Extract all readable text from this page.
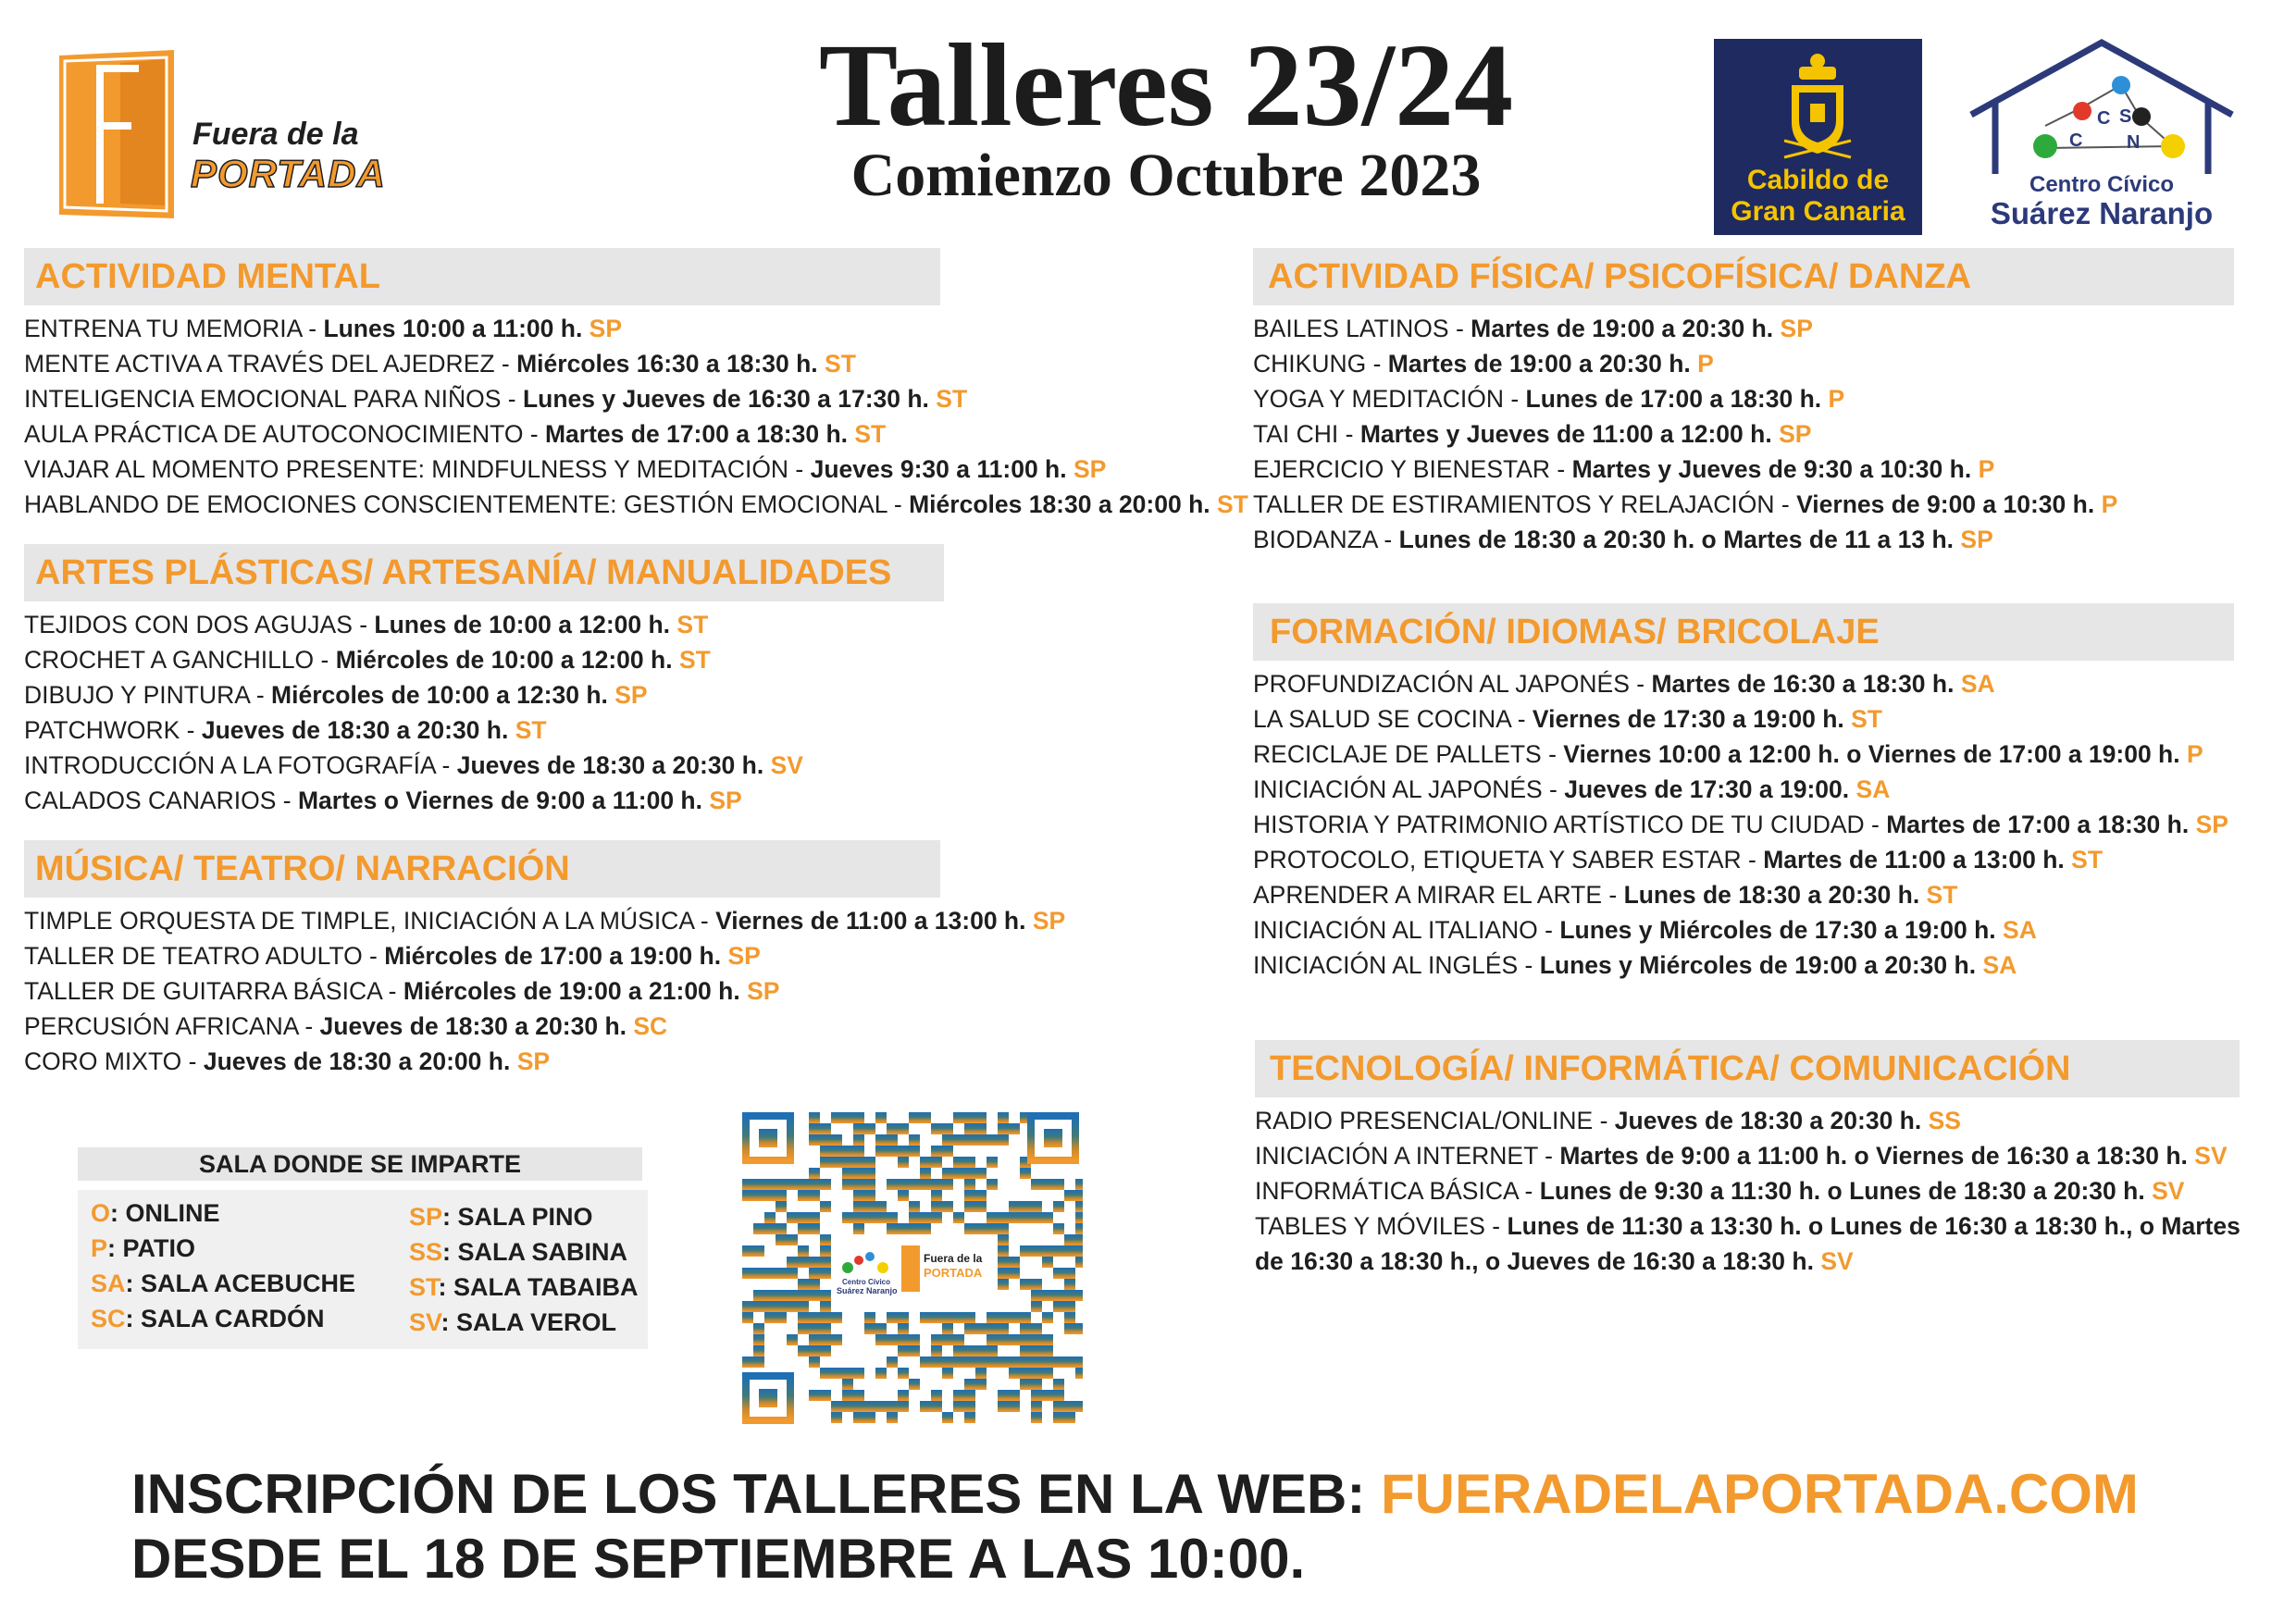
Talleres 23/24
Comienzo Octubre 2023
Fuera de la
PORTADA	Cabildo de
Gran Canaria
C S
C N
Centro Cívico
Suárez Naranjo
ACTIVIDAD MENTAL
ENTRENA TU MEMORIA - Lunes 10:00 a 11:00 h. SP
MENTE ACTIVA A TRAVÉS DEL AJEDREZ - Miércoles 16:30 a 18:30 h. ST
INTELIGENCIA EMOCIONAL PARA NIÑOS - Lunes y Jueves de 16:30 a 17:30 h. ST
AULA PRÁCTICA DE AUTOCONOCIMIENTO - Martes de 17:00 a 18:30 h. ST
VIAJAR AL MOMENTO PRESENTE: MINDFULNESS Y MEDITACIÓN - Jueves 9:30 a 11:00 h. SP
HABLANDO DE EMOCIONES CONSCIENTEMENTE: GESTIÓN EMOCIONAL - Miércoles 18:30 a 20:00 h. ST
ARTES PLÁSTICAS/ ARTESANÍA/ MANUALIDADES
TEJIDOS CON DOS AGUJAS - Lunes de 10:00 a 12:00 h. ST
CROCHET A GANCHILLO - Miércoles de 10:00 a 12:00 h. ST
DIBUJO Y PINTURA - Miércoles de 10:00 a 12:30 h. SP
PATCHWORK - Jueves de 18:30 a 20:30 h. ST
INTRODUCCIÓN A LA FOTOGRAFÍA - Jueves de 18:30 a 20:30 h. SV
CALADOS CANARIOS - Martes o Viernes de 9:00 a 11:00 h. SP
MÚSICA/ TEATRO/ NARRACIÓN
TIMPLE ORQUESTA DE TIMPLE, INICIACIÓN A LA MÚSICA - Viernes de 11:00 a 13:00 h. SP
TALLER DE TEATRO ADULTO - Miércoles de 17:00 a 19:00 h. SP
TALLER DE GUITARRA BÁSICA - Miércoles de 19:00 a 21:00 h. SP
PERCUSIÓN AFRICANA - Jueves de 18:30 a 20:30 h. SC
CORO MIXTO - Jueves de 18:30 a 20:00 h. SP
ACTIVIDAD FÍSICA/ PSICOFÍSICA/ DANZA
BAILES LATINOS - Martes de 19:00 a 20:30 h. SP
CHIKUNG - Martes de 19:00 a 20:30 h. P
YOGA Y MEDITACIÓN - Lunes de 17:00 a 18:30 h. P
TAI CHI - Martes y Jueves de 11:00 a 12:00 h. SP
EJERCICIO Y BIENESTAR - Martes y Jueves de 9:30 a 10:30 h. P
TALLER DE ESTIRAMIENTOS Y RELAJACIÓN - Viernes de 9:00 a 10:30 h. P
BIODANZA - Lunes de 18:30 a 20:30 h. o Martes de 11 a 13 h. SP
FORMACIÓN/ IDIOMAS/ BRICOLAJE
PROFUNDIZACIÓN AL JAPONÉS - Martes de 16:30 a 18:30 h. SA
LA SALUD SE COCINA - Viernes de 17:30 a 19:00 h. ST
RECICLAJE DE PALLETS - Viernes 10:00 a 12:00 h. o Viernes de 17:00 a 19:00 h. P
INICIACIÓN AL JAPONÉS - Jueves de 17:30 a 19:00. SA
HISTORIA Y PATRIMONIO ARTÍSTICO DE TU CIUDAD - Martes de 17:00 a 18:30 h. SP
PROTOCOLO, ETIQUETA Y SABER ESTAR - Martes de 11:00 a 13:00 h. ST
APRENDER A MIRAR EL ARTE - Lunes de 18:30 a 20:30 h. ST
INICIACIÓN AL ITALIANO - Lunes y Miércoles de 17:30 a 19:00 h. SA
INICIACIÓN AL INGLÉS - Lunes y Miércoles de 19:00 a 20:30 h. SA
TECNOLOGÍA/ INFORMÁTICA/ COMUNICACIÓN
RADIO PRESENCIAL/ONLINE - Jueves de 18:30 a 20:30 h. SS
INICIACIÓN A INTERNET - Martes de 9:00 a 11:00 h. o Viernes de 16:30 a 18:30 h. SV
INFORMÁTICA BÁSICA - Lunes de 9:30 a 11:30 h. o Lunes de 18:30 a 20:30 h. SV
TABLES Y MÓVILES - Lunes de 11:30 a 13:30 h. o Lunes de 16:30 a 18:30 h., o Martes de 16:30 a 18:30 h., o Jueves de 16:30 a 18:30 h. SV
SALA DONDE SE IMPARTE
O: ONLINE
P: PATIO
SA: SALA ACEBUCHE
SC: SALA CARDÓN
SP: SALA PINO
SS: SALA SABINA
ST: SALA TABAIBA
SV: SALA VEROL
Fuera de la
PORTADA
Centro Cívico
Suárez Naranjo
INSCRIPCIÓN DE LOS TALLERES EN LA WEB: FUERADELAPORTADA.COM
DESDE EL 18 DE SEPTIEMBRE A LAS 10:00.
